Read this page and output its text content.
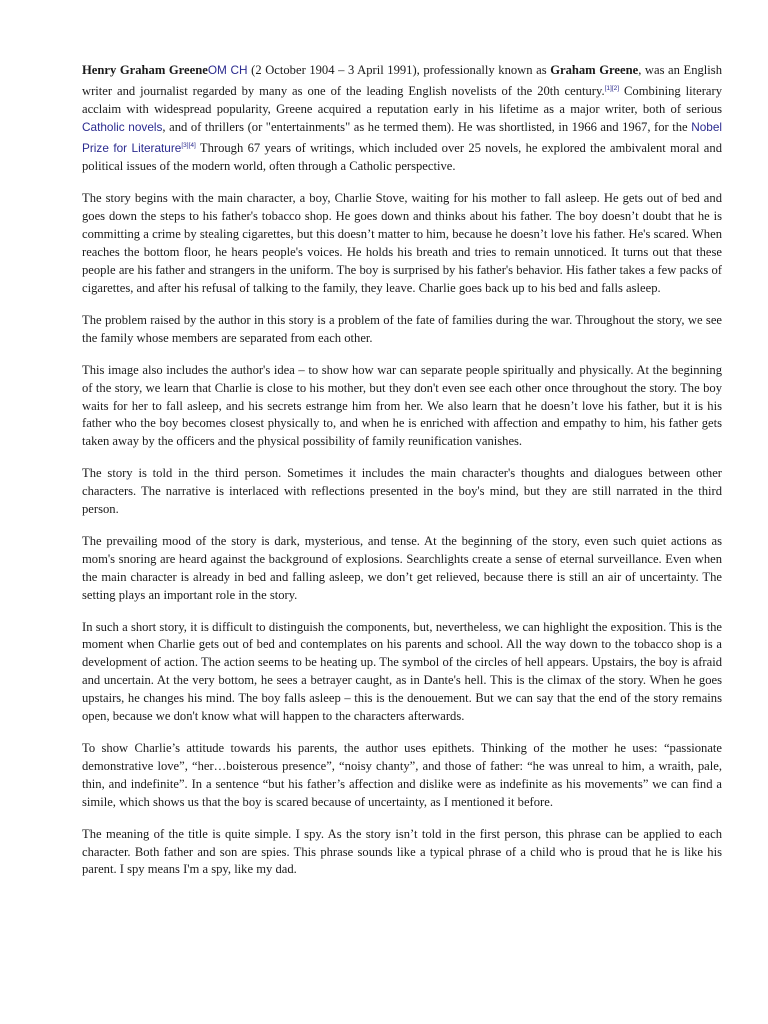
Henry Graham GreeneOM CH (2 October 1904 – 3 April 1991), professionally known as Graham Greene, was an English writer and journalist regarded by many as one of the leading English novelists of the 20th century.[1][2] Combining literary acclaim with widespread popularity, Greene acquired a reputation early in his lifetime as a major writer, both of serious Catholic novels, and of thrillers (or "entertainments" as he termed them). He was shortlisted, in 1966 and 1967, for the Nobel Prize for Literature[3][4] Through 67 years of writings, which included over 25 novels, he explored the ambivalent moral and political issues of the modern world, often through a Catholic perspective.

The story begins with the main character, a boy, Charlie Stove, waiting for his mother to fall asleep. He gets out of bed and goes down the steps to his father's tobacco shop. He goes down and thinks about his father. The boy doesn’t doubt that he is committing a crime by stealing cigarettes, but this doesn’t matter to him, because he doesn’t love his father. He's scared. When reaches the bottom floor, he hears people's voices. He holds his breath and tries to remain unnoticed. It turns out that these people are his father and strangers in the uniform. The boy is surprised by his father's behavior. His father takes a few packs of cigarettes, and after his refusal of talking to the family, they leave. Charlie goes back up to his bed and falls asleep.

The problem raised by the author in this story is a problem of the fate of families during the war. Throughout the story, we see the family whose members are separated from each other.

This image also includes the author's idea – to show how war can separate people spiritually and physically. At the beginning of the story, we learn that Charlie is close to his mother, but they don't even see each other once throughout the story. The boy waits for her to fall asleep, and his secrets estrange him from her. We also learn that he doesn’t love his father, but it is his father who the boy becomes closest physically to, and when he is enriched with affection and empathy to him, his father gets taken away by the officers and the physical possibility of family reunification vanishes.

The story is told in the third person. Sometimes it includes the main character's thoughts and dialogues between other characters. The narrative is interlaced with reflections presented in the boy's mind, but they are still narrated in the third person.

The prevailing mood of the story is dark, mysterious, and tense. At the beginning of the story, even such quiet actions as mom's snoring are heard against the background of explosions. Searchlights create a sense of eternal surveillance. Even when the main character is already in bed and falling asleep, we don’t get relieved, because there is still an air of uncertainty. The setting plays an important role in the story.

In such a short story, it is difficult to distinguish the components, but, nevertheless, we can highlight the exposition. This is the moment when Charlie gets out of bed and contemplates on his parents and school. All the way down to the tobacco shop is a development of action. The action seems to be heating up. The symbol of the circles of hell appears. Upstairs, the boy is afraid and uncertain. At the very bottom, he sees a betrayer caught, as in Dante's hell. This is the climax of the story. When he goes upstairs, he changes his mind. The boy falls asleep – this is the denouement. But we can say that the end of the story remains open, because we don't know what will happen to the characters afterwards.

To show Charlie’s attitude towards his parents, the author uses epithets. Thinking of the mother he uses: “passionate demonstrative love”, “her…boisterous presence”, “noisy chanty”, and those of father: “he was unreal to him, a wraith, pale, thin, and indefinite”. In a sentence “but his father’s affection and dislike were as indefinite as his movements” we can find a simile, which shows us that the boy is scared because of uncertainty, as I mentioned it before.

The meaning of the title is quite simple. I spy. As the story isn’t told in the first person, this phrase can be applied to each character. Both father and son are spies. This phrase sounds like a typical phrase of a child who is proud that he is like his parent. I spy means I'm a spy, like my dad.
